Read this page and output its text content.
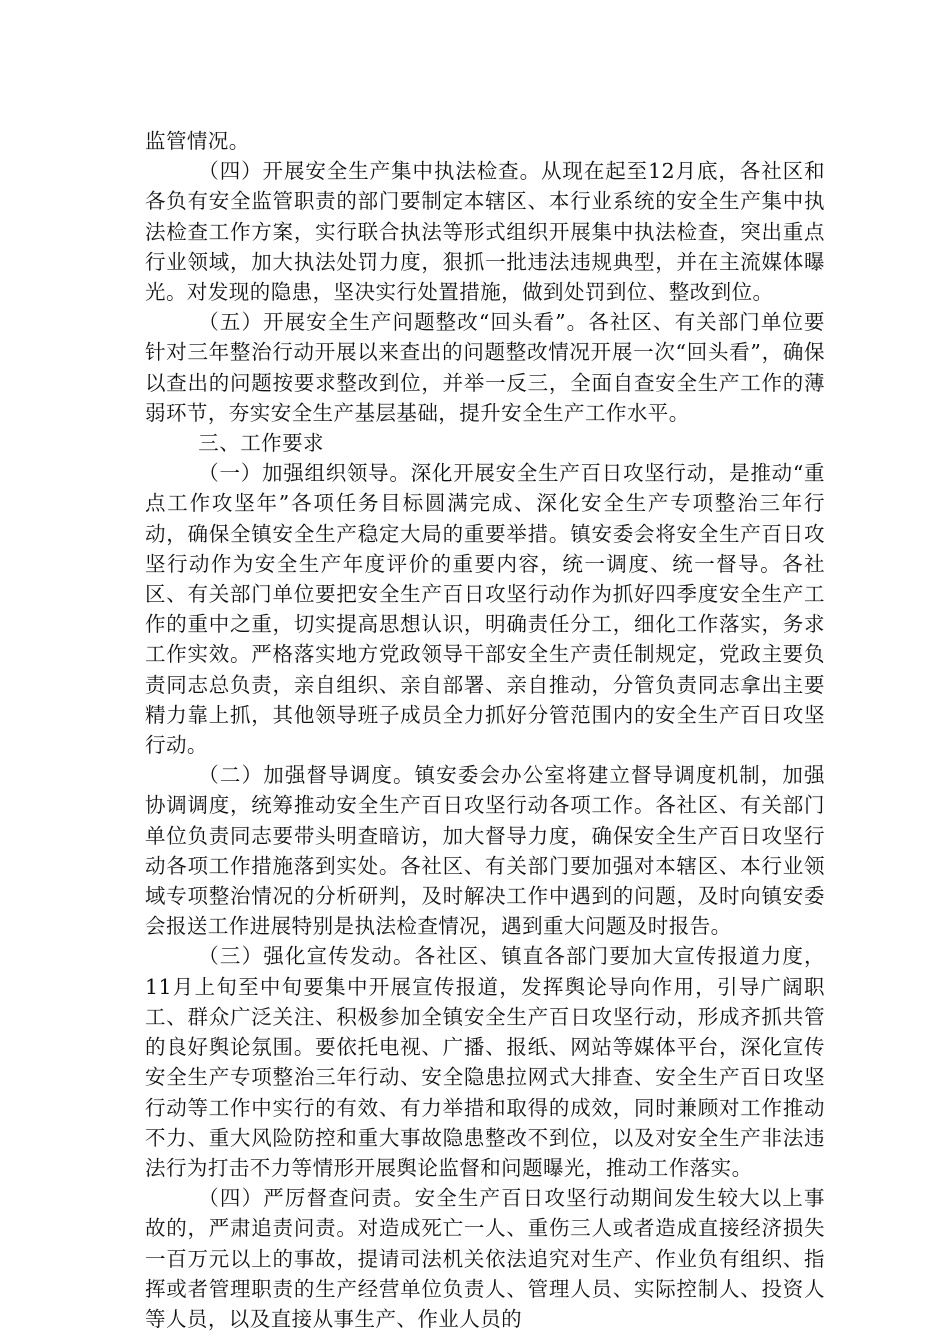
监管情况。

（四）开展安全生产集中执法检查。从现在起至12月底，各社区和各负有安全监管职责的部门要制定本辖区、本行业系统的安全生产集中执法检查工作方案，实行联合执法等形式组织开展集中执法检查，突出重点行业领域，加大执法处罚力度，狠抓一批违法违规典型，并在主流媒体曝光。对发现的隐患，坚决实行处置措施，做到处罚到位、整改到位。

（五）开展安全生产问题整改“回头看”。各社区、有关部门单位要针对三年整治行动开展以来查出的问题整改情况开展一次“回头看”，确保以查出的问题按要求整改到位，并举一反三，全面自查安全生产工作的薄弱环节，夯实安全生产基层基础，提升安全生产工作水平。

三、工作要求

（一）加强组织领导。深化开展安全生产百日攻坚行动，是推动“重点工作攻坚年”各项任务目标圆满完成、深化安全生产专项整治三年行动，确保全镇安全生产稳定大局的重要举措。镇安委会将安全生产百日攻坚行动作为安全生产年度评价的重要内容，统一调度、统一督导。各社区、有关部门单位要把安全生产百日攻坚行动作为抓好四季度安全生产工作的重中之重，切实提高思想认识，明确责任分工，细化工作落实，务求工作实效。严格落实地方党政领导干部安全生产责任制规定，党政主要负责同志总负责，亲自组织、亲自部署、亲自推动，分管负责同志拿出主要精力靠上抓，其他领导班子成员全力抓好分管范围内的安全生产百日攻坚行动。

（二）加强督导调度。镇安委会办公室将建立督导调度机制，加强协调调度，统筹推动安全生产百日攻坚行动各项工作。各社区、有关部门单位负责同志要带头明查暗访，加大督导力度，确保安全生产百日攻坚行动各项工作措施落到实处。各社区、有关部门要加强对本辖区、本行业领域专项整治情况的分析研判，及时解决工作中遇到的问题，及时向镇安委会报送工作进展特别是执法检查情况，遇到重大问题及时报告。

（三）强化宣传发动。各社区、镇直各部门要加大宣传报道力度，11月上旬至中旬要集中开展宣传报道，发挥舆论导向作用，引导广阔职工、群众广泛关注、积极参加全镇安全生产百日攻坚行动，形成齐抓共管的良好舆论氛围。要依托电视、广播、报纸、网站等媒体平台，深化宣传安全生产专项整治三年行动、安全隐患拉网式大排查、安全生产百日攻坚行动等工作中实行的有效、有力举措和取得的成效，同时兼顾对工作推动不力、重大风险防控和重大事故隐患整改不到位，以及对安全生产非法违法行为打击不力等情形开展舆论监督和问题曝光，推动工作落实。

（四）严厉督查问责。安全生产百日攻坚行动期间发生较大以上事故的，严肃追责问责。对造成死亡一人、重伤三人或者造成直接经济损失一百万元以上的事故，提请司法机关依法追究对生产、作业负有组织、指挥或者管理职责的生产经营单位负责人、管理人员、实际控制人、投资人等人员，以及直接从事生产、作业人员的
